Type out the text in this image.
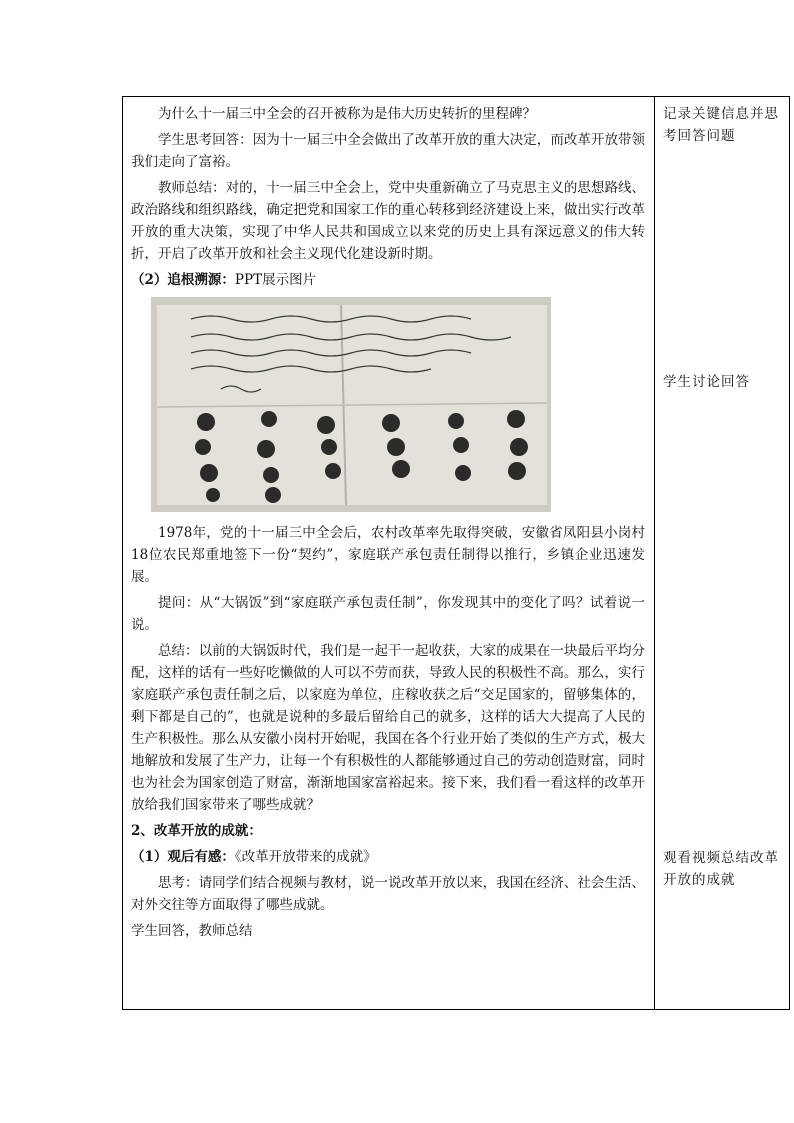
为什么十一届三中全会的召开被称为是伟大历史转折的里程碑？

学生思考回答：因为十一届三中全会做出了改革开放的重大决定，而改革开放带领我们走向了富裕。

教师总结：对的，十一届三中全会上，党中央重新确立了马克思主义的思想路线、政治路线和组织路线，确定把党和国家工作的重心转移到经济建设上来，做出实行改革开放的重大决策，实现了中华人民共和国成立以来党的历史上具有深远意义的伟大转折，开启了改革开放和社会主义现代化建设新时期。

（2）追根溯源：PPT展示图片

1978年，党的十一届三中全会后，农村改革率先取得突破，安徽省凤阳县小岗村18位农民郑重地签下一份“契约”，家庭联产承包责任制得以推行，乡镇企业迅速发展。

提问：从“大锅饭”到“家庭联产承包责任制”，你发现其中的变化了吗？试着说一说。

总结：以前的大锅饭时代，我们是一起干一起收获，大家的成果在一块最后平均分配，这样的话有一些好吃懒做的人可以不劳而获，导致人民的积极性不高。那么，实行家庭联产承包责任制之后，以家庭为单位，庄稼收获之后“交足国家的，留够集体的，剩下都是自己的”，也就是说种的多最后留给自己的就多，这样的话大大提高了人民的生产积极性。那么从安徽小岗村开始呢，我国在各个行业开始了类似的生产方式，极大地解放和发展了生产力，让每一个有积极性的人都能够通过自己的劳动创造财富，同时也为社会为国家创造了财富，渐渐地国家富裕起来。接下来，我们看一看这样的改革开放给我们国家带来了哪些成就？

2、改革开放的成就：

（1）观后有感：《改革开放带来的成就》

思考：请同学们结合视频与教材，说一说改革开放以来，我国在经济、社会生活、对外交往等方面取得了哪些成就。

学生回答，教师总结

记录关键信息并思考回答问题
学生讨论回答
观看视频总结改革开放的成就
